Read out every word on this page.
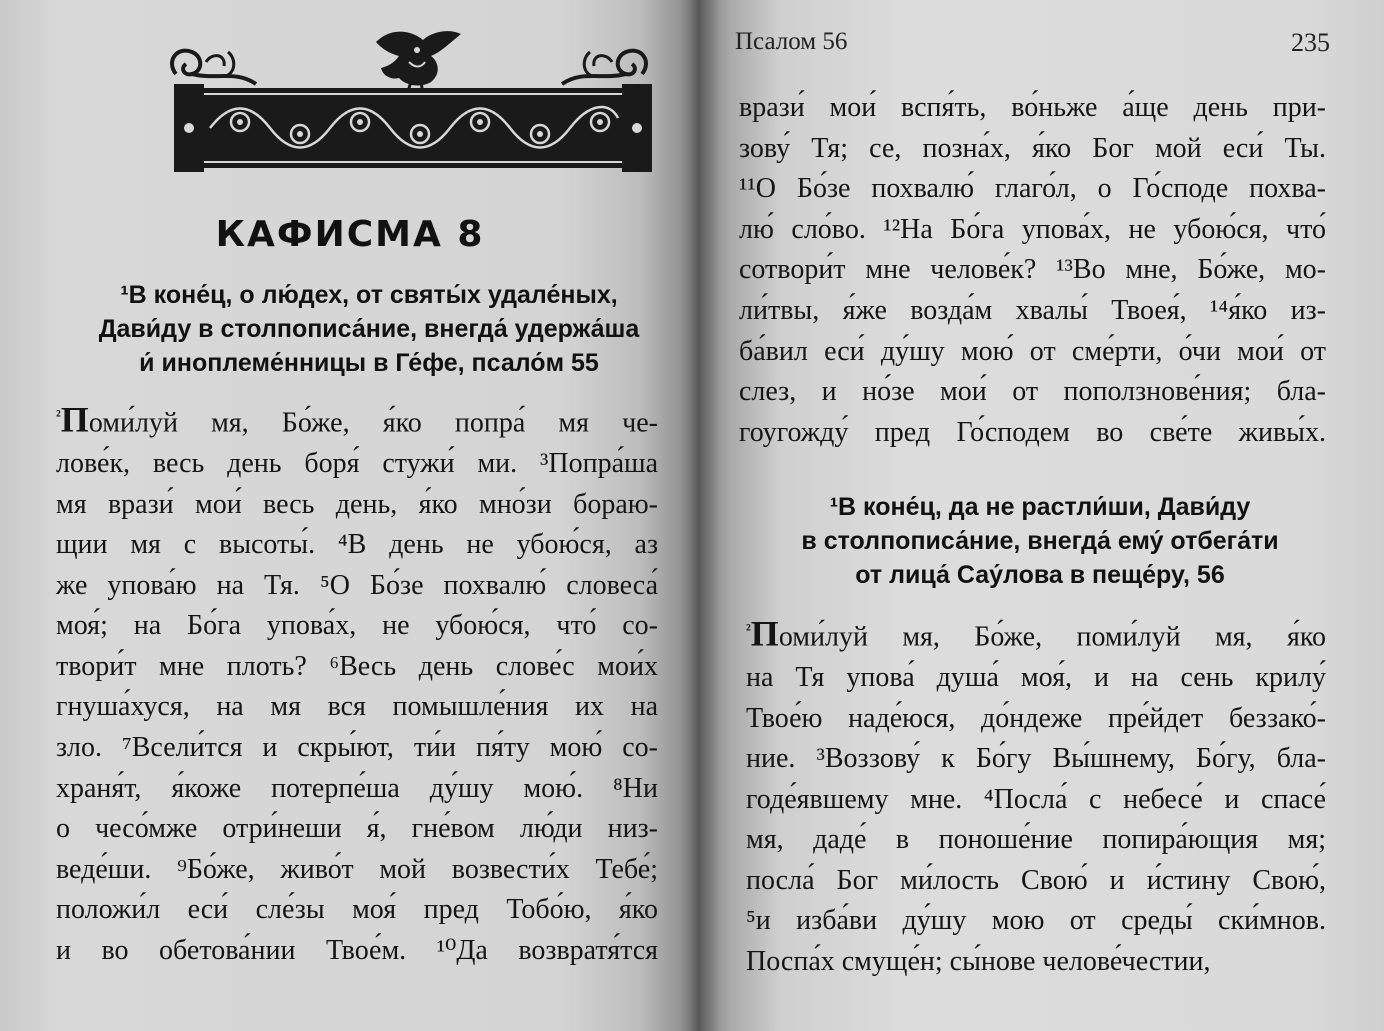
КАФИСМА 8
¹В коне́ц, о лю́дех, от святы́х удале́ных,
Дави́ду в столпописа́ние, внегда́ удержа́ша
и́ иноплеме́нницы в Ге́фе, псало́м 55
$^{^2}$Поми́луй мя, Бо́же, я́ко попра́ мя че-
лове́к, весь день боря́ стужи́ ми. ³Попра́ша
мя врази́ мои́ весь день, я́ко мно́зи бораю-
щии мя с высоты́. ⁴В день не убою́ся, аз
же упова́ю на Тя. ⁵О Бо́зе похвалю́ словеса́
моя́; на Бо́га упова́х, не убою́ся, что́ со-
твори́т мне плоть? ⁶Весь день слове́с мои́х
гнуша́хуся, на мя вся помышле́ния их на
зло. ⁷Всели́тся и скры́ют, ти́и пя́ту мою́ со-
храня́т, я́коже потерпе́ша ду́шу мою́. ⁸Ни
о чесо́мже отри́неши я́, гне́вом лю́ди низ-
веде́ши. ⁹Бо́же, живо́т мой возвести́х Тебе́;
положи́л еси́ сле́зы моя́ пред Тобо́ю, я́ко
и во обетова́нии Твое́м. ¹⁰Да возвратя́тся
Псалом 56	235
врази́ мои́ вспя́ть, во́ньже а́ще день при-
зову́ Тя; се, позна́х, я́ко Бог мой еси́ Ты.
¹¹О Бо́зе похвалю́ глаго́л, о Го́сподe похва-
лю́ сло́во. ¹²На Бо́га упова́х, не убою́ся, что́
сотвори́т мне челове́к? ¹³Во мне, Бо́же, мо-
ли́твы, я́же возда́м хвалы́ Твоея́, ¹⁴я́ко из-
ба́вил еси́ ду́шу мою́ от сме́рти, о́чи мои́ от
слез, и но́зе мои́ от поползнове́ния; бла-
гоугожду́ пред Го́сподем во све́те живы́х.
¹В коне́ц, да не растли́ши, Дави́ду
в столпописа́ние, внегда́ ему́ отбега́ти
от лица́ Сау́лова в пеще́ру, 56
$^{^2}$Поми́луй мя, Бо́же, поми́луй мя, я́ко
на Тя упова́ душа́ моя́, и на сень крилу́
Твое́ю наде́юся, до́ндеже пре́йдет беззако́-
ние. ³Воззову́ к Бо́гу Вы́шнему, Бо́гу, бла-
годе́явшему мне. ⁴Посла́ с небесе́ и спасе́
мя, даде́ в поноше́ние попира́ющия мя;
посла́ Бог ми́лость Свою́ и и́стину Свою́,
⁵и изба́ви ду́шу мою от среды́ ски́мнов.
Поспа́х смуще́н; сы́нове челове́честии,
